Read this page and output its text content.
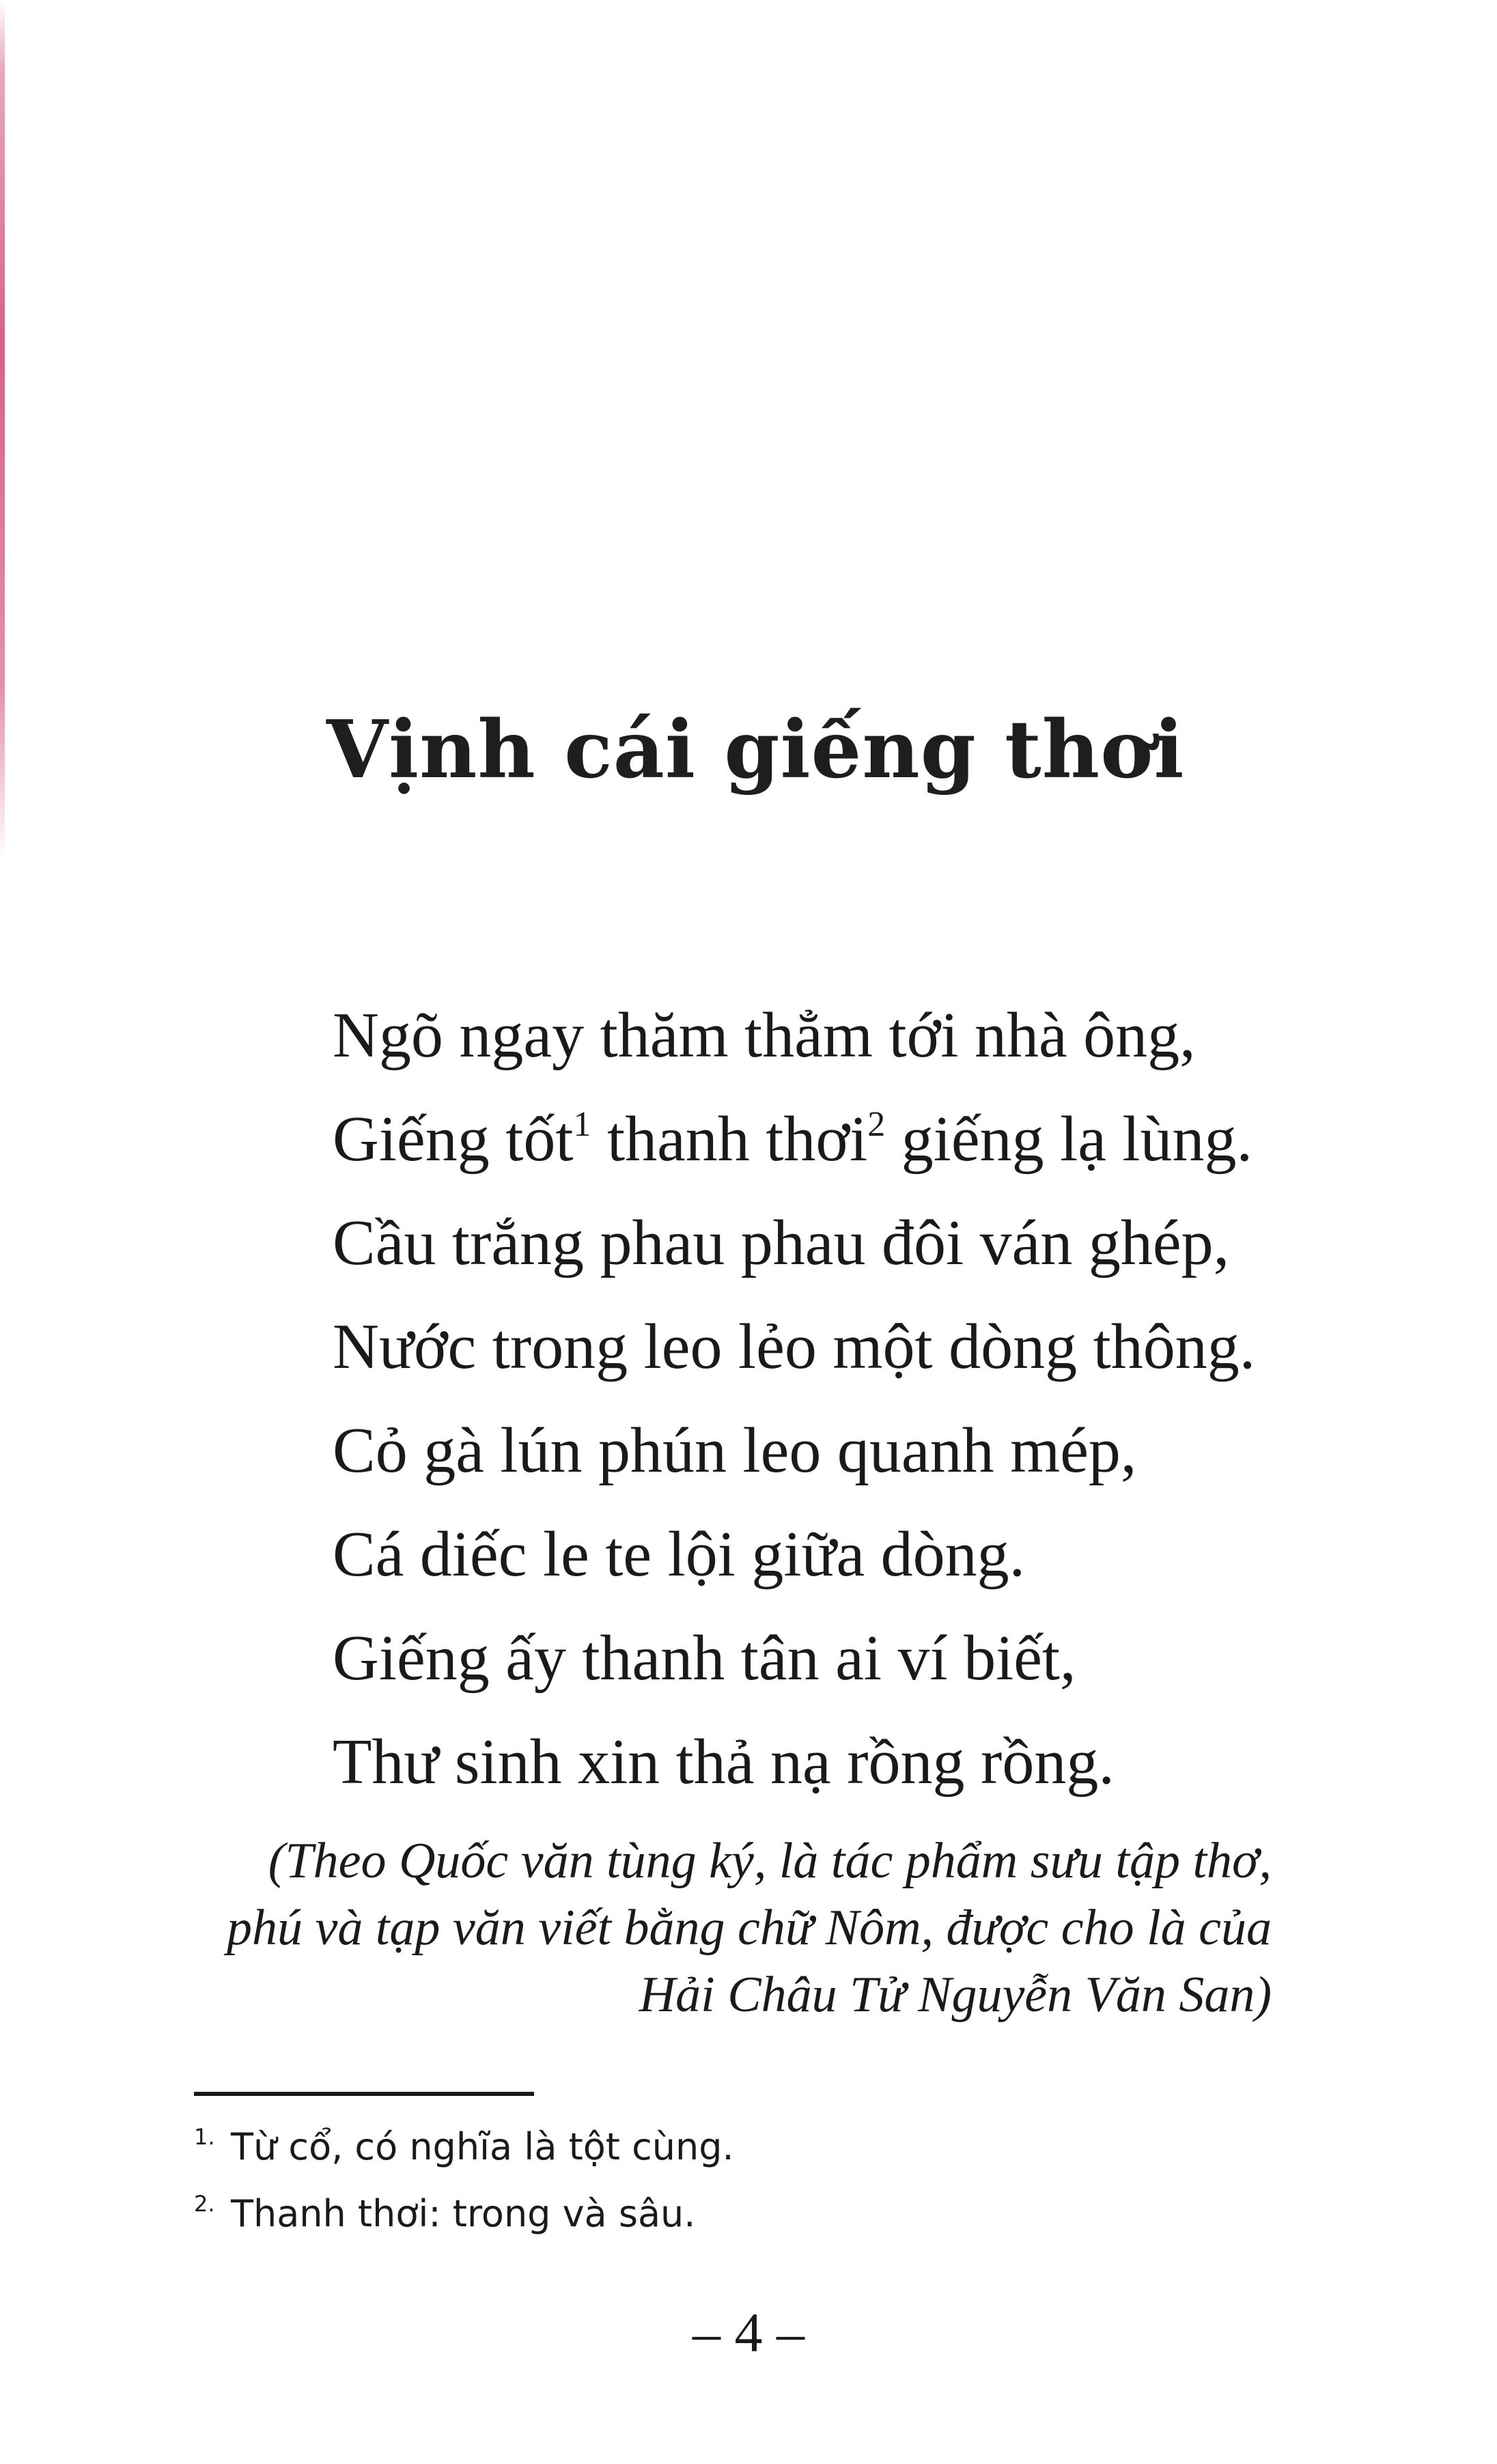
Vịnh cái giếng thơi
Ngõ ngay thăm thẳm tới nhà ông,
Giếng tốt$^1$ thanh thơi$^2$ giếng lạ lùng.
Cầu trắng phau phau đôi ván ghép,
Nước trong leo lẻo một dòng thông.
Cỏ gà lún phún leo quanh mép,
Cá diếc le te lội giữa dòng.
Giếng ấy thanh tân ai ví biết,
Thư sinh xin thả nạ rồng rồng.
(Theo Quốc văn tùng ký, là tác phẩm sưu tập thơ,
phú và tạp văn viết bằng chữ Nôm, được cho là của
Hải Châu Tử Nguyễn Văn San)
1. Từ cổ, có nghĩa là tột cùng.
2. Thanh thơi: trong và sâu.
– 4 –
